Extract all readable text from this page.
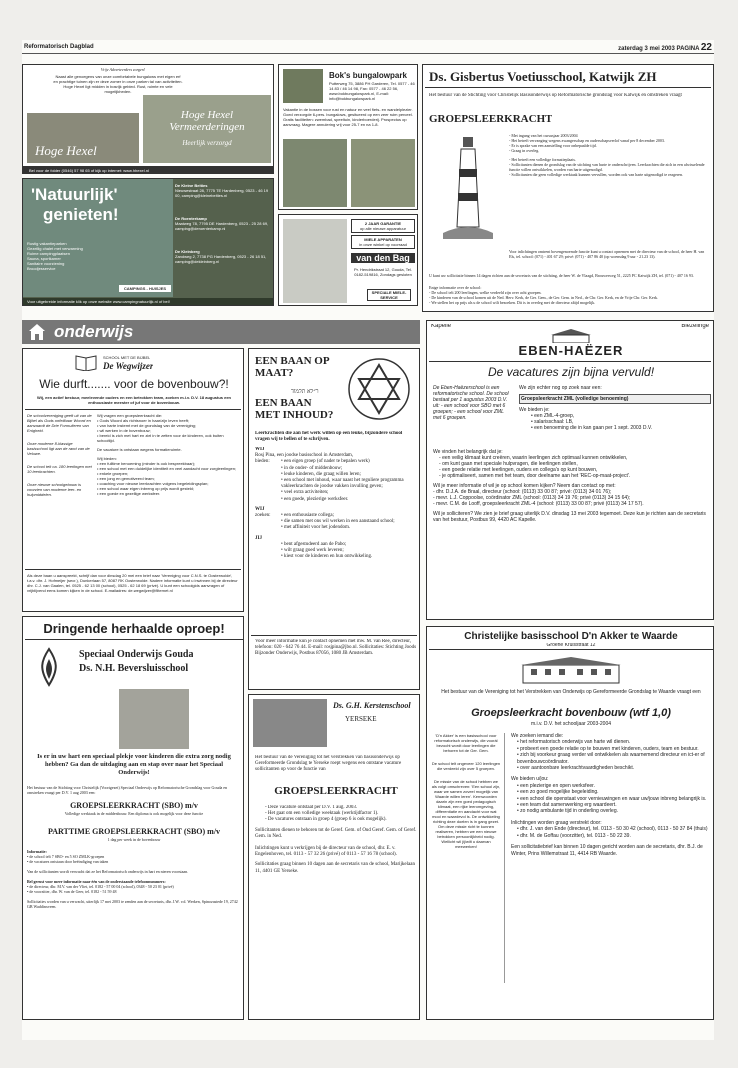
Reformatorisch Dagblad	zaterdag 3 mei 2003 PAGINA 22
Vrije Adverteerders zorgen!
Naast alle genoegens van onze comfortabele bungalows met eigen erf en prachtige tuinen zijn er deze zomer in onze parken tal van activiteiten. Hoge Hexel ligt midden in bosrijk gebied. Rust, ruimte en vele mogelijkheden.
Hoge Hexel
Hoge Hexel Vermeerderingen
Heerlijk verzorgd
Bel voor de folder (0546) 57 98 65 of kijk op internet: www.hhexel.nl
Bok's bungalowpark
Putterweg 75, 3886 PH Garderen, Tel. 0577 - 46 14 83 / 46 14 98, Fax: 0577 - 46 22 56, www.bokbungalowpark.nl, E-mail: info@bokbungalowpark.nl
Vakantie in de bossen voor rust en natuur en veel fiets- en wandelplezier. Goed verzorgde 6-pers. bungalows, gesitueerd op een zeer ruim perceel. Gratis faciliteiten: zwembad, speeltuin, kinderboerderij. Prospectus op aanvraag. Magere annulering vrij voor 25-7 en na 1-8.
'Natuurlijk'
genieten!
Rustig vakantieparken
Gezellig chalet met verwarming
Ruime campingplaatsen
Sauna, sportkamer
Sanitaire voorziening
Broodjesservice
CAMPINGS - HUISJES
De Kleine Belties
Nieuwestraat 28, 7775 TE Hardenberg, 0523 - 46 19 00, camping@kleinebelties.nl
De Roenterkamp
Maatweg 78, 7795 DE Hardenberg, 0523 - 25 28 69, camping@deroenterkamp.nl
De Kleinberg
Zandweg 2, 7738 PG Hardenberg, 0523 - 26 18 51, camping@dekleinberg.nl
Voor uitgebreide informatie klik op onze website www.campingnatuurlijk.nl of bel!
2 JAAR GARANTIE
op alle nieuwe apparatuur
MIELE APPARATEN
in onze winkel op voorraad
van den Bag
Pr. Hendrikstraat 12, Gouda, Tel. 0182-519816, Zondags gesloten
SPECIALE MIELE-SERVICE
Ds. Gisbertus Voetiusschool, Katwijk ZH
Het bestuur van de Stichting voor Christelijk Basisonderwijs op Reformatorische grondslag voor Katwijk en omstreken vraagt
GROEPSLEERKRACHT
- Met ingang van het cursusjaar 2003/2004
- Het betreft vervanging wegens zwangerschap en ouderschapsverlof vanaf per 8 december 2003.
- Er is sprake van een aanstelling voor onbepaalde tijd.
- Graag in overleg.
- Het betreft een volledige formatieplaats.
- Sollicitanten dienen de grondslag van de stichting van harte te onderschrijven. Leerkrachten die zich in een afwisselende functie willen ontwikkelen, worden van harte uitgenodigd.
- Sollicitanten die geen volledige werktaak kunnen vervullen, worden ook van harte uitgenodigd te reageren.
Voor inlichtingen omtrent bovengenoemde functie kunt u contact opnemen met de directeur van de school, de heer H. van Els, tel. school: (071) - 401 67 29; privé: (071) - 407 86 40 (op woensdag 9 uur - 21.23 13).
U kunt uw sollicitatie binnen 14 dagen richten aan de secretaris van de stichting, de heer W. de Vlaagd, Brouwerweg 51, 2225 PC Katwijk ZH, tel. (071) - 407 16 93.
Enige informatie over de school:
- De school telt 200 leerlingen, welke verdeeld zijn over acht groepen.
- De kinderen van de school komen uit de Ned. Herv. Kerk, de Ger. Gem., de Ger. Gem. in Ned., de Chr. Ger. Kerk, en de Vrije Chr. Ger. Kerk.
- We stellen het op prijs als u de school wilt bezoeken. Dit is in overleg met de directeur altijd mogelijk.
onderwijs
SCHOOL MET DE BIJBEL
De Wegwijzer
Wie durft....... voor de bovenbouw?!
Wij, een actief bestuur, meelevende ouders en een betrokken team, zoeken m.i.v. D.V. 18 augustus een enthousiaste meester of juf voor de bovenbouw.
De schoolvereniging geeft uit van de Bijbel als Gods onfeilbaar Woord en aanvaardt de Drie Formulieren van Enigheid.
Onze moderne 8-klassige basisschool ligt aan de rand van de Veluwe.
De school telt ca. 180 leerlingen met 10 leerkrachten.
Onze nieuwe schoolgebouw is voorzien van moderne leer- en hulpmiddelen.
Wij vragen een groepsleerkracht die:
• Gods Woord als richtsnoer in haar/zijn leven heeft;
• van harte instemt met de grondslag van de vereniging;
• wil werken in de bovenbouw;
• bereid is zich met hart en ziel in te zetten voor de kinderen, ook buiten schooltijd.
De vacature is ontstaan wegens formatieruimte.
Wij bieden:
• een fulltime benoeming (minder is ook bespreekbaar);
• een school met een duidelijke identiteit en veel aandacht voor zorgleerlingen;
• enkele groepen;
• een jong en gemotiveerd team;
• coaching voor nieuwe leerkrachten volgens begeleidingsplan;
• een school waar eigen inbreng op prijs wordt gesteld;
• een goede en gezellige werksfeer.
Als deze baan u aanspreekt, schrijf dan voor dinsdag 20 mei een brief naar 'Vereniging voor C.N.S. te Oosterwolde', t.a.v. dhr. J. Hofmeijer (secr.), Dunkerlaan 57, 8087 RK Oosterwolde. Nadere informatie kunt u inwinnen bij de directeur dhr. C.J. van Gaalen, tel. 0525 - 62 13 00 (school), 0525 - 62 18 69 (privé). U kunt een schoolgids aanvragen of vrijblijvend eens komen kijken in de school. E-mailadres: de.wegwijzer@filternet.nl
EEN BAAN OP MAAT?
ר״לא תלמוד
EEN BAAN MET INHOUD?
Leerkrachten die aan het werk willen op een leuke, bijzondere school vragen wij te bellen of te schrijven.
WIJ
Rosj Pina, een joodse basisschool in Amsterdam,
bieden:	• een eigen groep (of nader te bepalen werk)
• in de onder- of middenbouw;
• leuke kinderen, die graag willen leren;
• een school met inhoud, waar naast het reguliere programma vakleerkrachten de joodse vakken invulling geven;
• veel extra activiteiten;
• een goede, plezierige werksfeer.
WIJ
zoeken:	• een enthousiaste collega;
• die samen met ons wil werken in een aanstaand school;
• met affiniteit voor het jodendom.
JIJ
• bent afgestudeerd aan de Pabo;
• wilt graag goed werk leveren;
• kiest voor de kinderen en hun ontwikkeling.
Voor meer informatie kun je contact opnemen met mw. M. van Ree, directeur, telefoon: 020 - 642 76 44. E-mail: rosjpina@jbo.nl. Sollicitaties: Stichting Joods Bijzonder Onderwijs, Postbus 87056, 1080 JB Amsterdam.
Kapelle	Biezelinge
EBEN-HAËZER
De vacatures zijn bijna vervuld!
De Eben-Haëzerschool is een reformatorische school. De school bestaat per 1 augustus 2003 D.V. uit: - een school voor SBO met 6 groepen; - een school voor ZML met 6 groepen.
We zijn echter nog op zoek naar een:
Groepsleerkracht ZML (volledige benoeming)
We bieden je:
• een ZML-4-groep,
• salarisschaal: LB,
• een benoeming die in kan gaan per 1 sept. 2003 D.V.
We vinden het belangrijk dat je:
- een veilig klimaat kunt creëren, waarin leerlingen zich optimaal kunnen ontwikkelen,
- om kunt gaan met speciale hulpvragen, die leerlingen stellen,
- een goede relatie met leerlingen, ouders en collega's op kunt bouwen,
- je optimaliseert, samen met het team, door deelname aan het 'REC-op-maat-project'.
Wil je meer informatie of wil je op school komen kijken? Neem dan contact op met:
- dhr. D.J.A. de Braal, directeur (school: (0113) 33 00 87; privé: (0113) 34 01 76);
- mevr. L.J. Coppoolse, coördinator ZML (school: (0113) 34 19 76; privé (0113) 34 15 64);
- mevr. C.M. de Looff, groepsleerkracht ZML-4 (school: (0113) 33 00 87; privé (0113) 34 17 57).
Wil je solliciteren? We zien je brief graag uiterlijk D.V. dinsdag 13 mei 2003 tegemoet. Deze kun je richten aan de secretaris van het bestuur, Postbus 99, 4420 AC Kapelle.
Dringende herhaalde oproep!
Speciaal Onderwijs Gouda
Ds. N.H. Beversluisschool
Is er in uw hart een speciaal plekje voor kinderen die extra zorg nodig hebben? Ga dan de uitdaging aan en stap over naar het Speciaal Onderwijs!
Het bestuur van de Stichting voor Christelijk (Voortgezet) Speciaal Onderwijs op Reformatorische Grondslag voor Gouda en omstreken vraagt per D.V. 1 aug 2003 een:
GROEPSLEERKRACHT (SBO) m/v
Volledige werktaak in de middenbouw. Een diploma is ook mogelijk voor deze functie
PARTTIME GROEPSLEERKRACHT (SBO) m/v
1 dag per week in de bovenbouw
Informatie:
• de school telt 7 SBO- en 5 SO ZMLK-groepen
• de vacatures ontstaan door beëindiging van taken
Van de sollicitanten wordt verwacht dat ze het Reformatorisch onderwijs in hart en nieren voorstaan.
Bel gerust voor meer informatie naar één van de onderstaande telefoonnummers:
• de directeur, dhr. M.V. van der Vliet, tel. 0182 - 57 00 04 (school), 0348 - 50 23 01 (privé)
• de voorzitter, dhr. W. van de Geer, tel. 0182 - 51 59 48
Sollicitaties worden van u verwacht, uiterlijk 17 mei 2003 te zenden aan de secretaris, dhr. J.W. v.d. Werken, Spinozastede 19, 2742 GB Waddinxveen.
Ds. G.H. Kerstenschool
YERSEKE
Het bestuur van de Vereniging tot het verstrekken van basisonderwijs op Gereformeerde Grondslag te Yerseke roept wegens een ontstane vacature sollicitanten op voor de functie van
GROEPSLEERKRACHT
- Deze vacature ontstaat per D.V. 1 aug. 2003.
- Het gaat om een volledige weektaak (werktijdfactor 1).
- De vacatures ontstaan in groep 4 (groep 6 is ook mogelijk).
Sollicitanten dienen te behoren tot de Geref. Gem. of Oud Geref. Gem. of Geref. Gem. in Ned.
Inlichtingen kunt u verkrijgen bij de directeur van de school, dhr. E. v. Engelenhoven, tel. 0113 - 57 32 26 (privé) of 0113 - 57 16 78 (school).
Sollicitaties graag binnen 10 dagen aan de secretaris van de school, Marijkelaan 11, 4401 GE Yerseke.
Christelijke basisschool D'n Akker te Waarde
Groene Kruisstraat 12
Het bestuur van de Vereniging tot het Verstrekken van Onderwijs op Gereformeerde Grondslag te Waarde vraagt een
Groepsleerkracht bovenbouw (wtf 1,0)
m.i.v. D.V. het schooljaar 2003-2004
'D'n Akker' is een basisschool voor reformatorisch onderwijs, die voorál bezocht wordt door leerlingen die behoren tot de Ger. Gem.
De school telt ongeveer 120 leerlingen die verdeeld zijn over 5 groepen.
De missie van de school hebben we als volgt omschreven: 'Een school zijn, waar we samen zoveel mogelijk van Waarde willen leren'. Kernwoorden daarin zijn een goed pedagogisch klimaat, een rijke leeromgeving, differentiatie en aandacht voor wat mooi en waardevol is. De ontwikkeling richting deze doelen is in gang gezet. Om deze missie richt te kunnen realiseren, hebben we een nieuwe betrokken persoonlijkheid nodig. Wellicht wil jij/wilt u daarvan meewerken!
We zoeken iemand die:
• het reformatorisch onderwijs van harte wil dienen.
• probeert een goede relatie op te bouwen met kinderen, ouders, team en bestuur.
• zich bij voorkeur graag verder wil ontwikkelen als waarnemend directeur en ict-er of bovenbouwcoördinator.
• over aantoonbare leerkrachtvaardigheden beschikt.
We bieden u/jou:
• een plezierige en open werksfeer.
• een zo goed mogelijke begeleiding.
• een school die openstaat voor vernieuwingen en waar uw/jouw inbreng belangrijk is.
• een team dat samenwerking erg waardeert.
• zo nodig ambulante tijd in onderling overleg.
Inlichtingen worden graag verstrekt door:
• dhr. J. van den Ende (directeur), tel. 0113 - 50 30 42 (school), 0113 - 50 37 84 (thuis)
• dhr. M. de Goffau (voorzitter), tel. 0113 - 50 22 39.
Een sollicitatiebrief kan binnen 10 dagen gericht worden aan de secretaris, dhr. B.J. de Winter, Prins Willemstraat 11, 4414 RB Waarde.
